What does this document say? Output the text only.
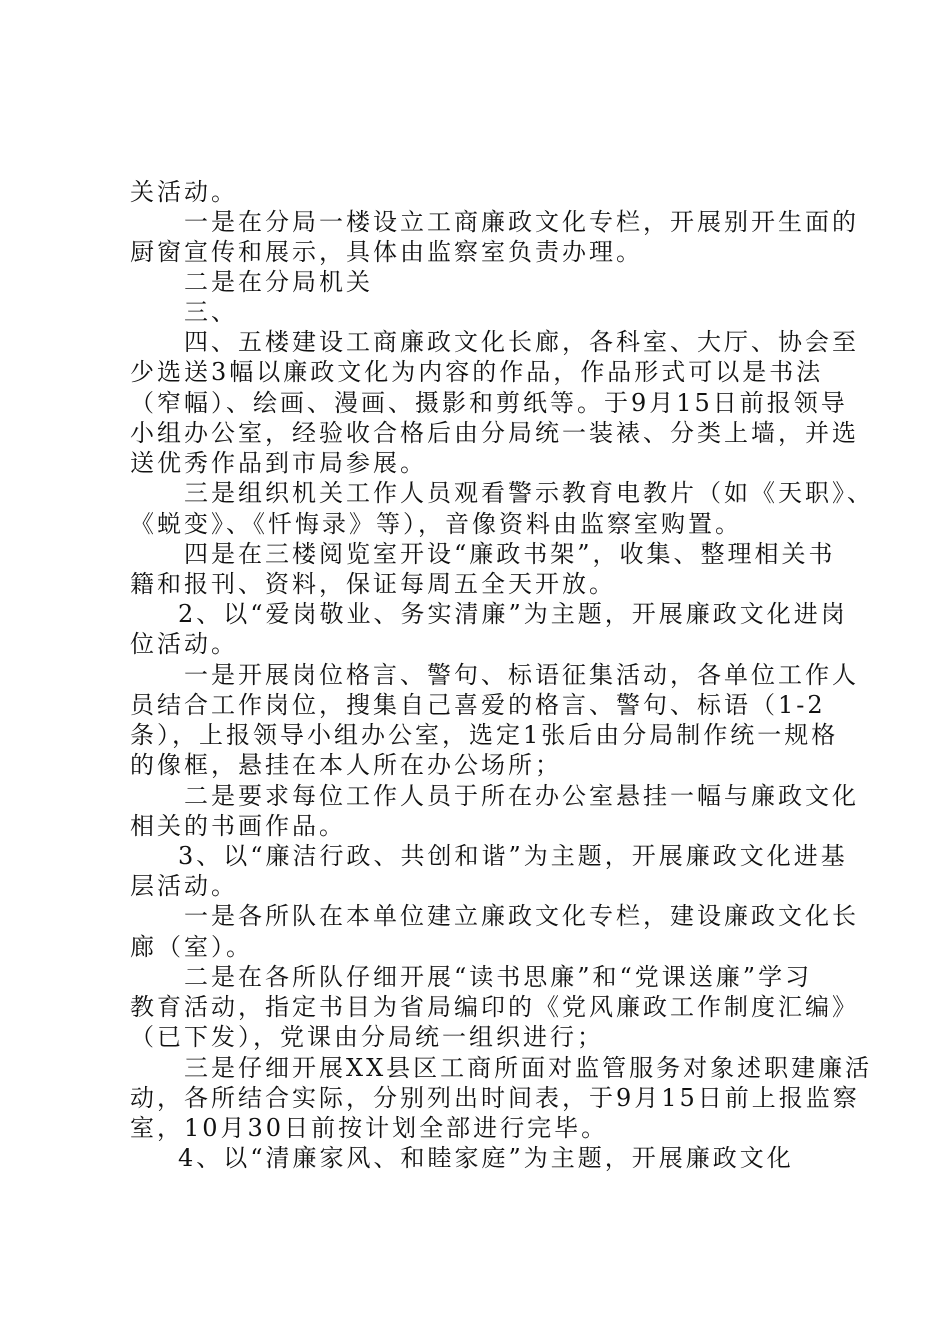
关活动。

一是在分局一楼设立工商廉政文化专栏，开展别开生面的

厨窗宣传和展示，具体由监察室负责办理。

二是在分局机关

三、

四、五楼建设工商廉政文化长廊，各科室、大厅、协会至

少选送3幅以廉政文化为内容的作品，作品形式可以是书法

（窄幅）、绘画、漫画、摄影和剪纸等。于9月15日前报领导

小组办公室，经验收合格后由分局统一装裱、分类上墙，并选

送优秀作品到市局参展。

三是组织机关工作人员观看警示教育电教片（如《天职》、

《蜕变》、《忏悔录》等），音像资料由监察室购置。

四是在三楼阅览室开设“廉政书架”，收集、整理相关书

籍和报刊、资料，保证每周五全天开放。

2、以“爱岗敬业、务实清廉”为主题，开展廉政文化进岗

位活动。

一是开展岗位格言、警句、标语征集活动，各单位工作人

员结合工作岗位，搜集自己喜爱的格言、警句、标语（1-2

条），上报领导小组办公室，选定1张后由分局制作统一规格

的像框，悬挂在本人所在办公场所；

二是要求每位工作人员于所在办公室悬挂一幅与廉政文化

相关的书画作品。

3、以“廉洁行政、共创和谐”为主题，开展廉政文化进基

层活动。

一是各所队在本单位建立廉政文化专栏，建设廉政文化长

廊（室）。

二是在各所队仔细开展“读书思廉”和“党课送廉”学习

教育活动，指定书目为省局编印的《党风廉政工作制度汇编》

（已下发），党课由分局统一组织进行；

三是仔细开展XX县区工商所面对监管服务对象述职建廉活

动，各所结合实际，分别列出时间表，于9月15日前上报监察

室，10月30日前按计划全部进行完毕。

4、以“清廉家风、和睦家庭”为主题，开展廉政文化
